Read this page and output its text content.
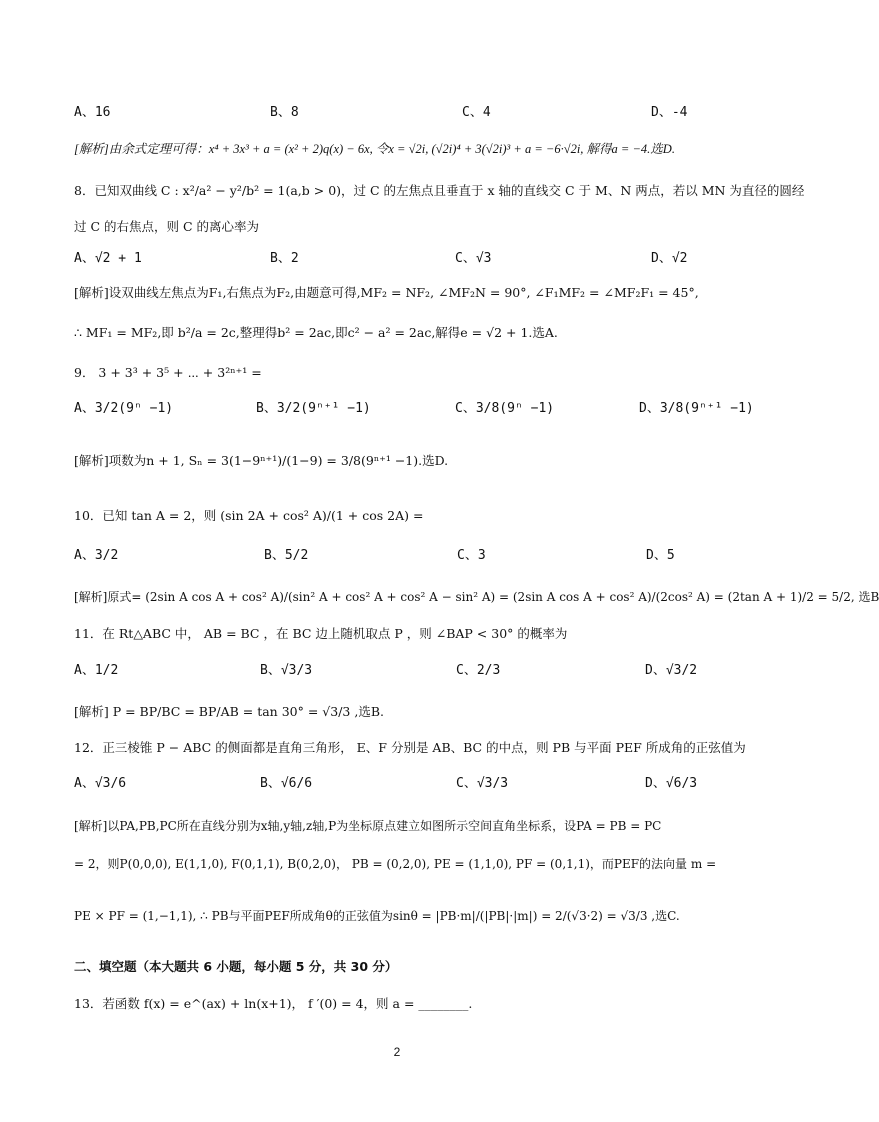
A、16	B、8	C、4	D、-4
[解析]由余式定理可得：x⁴ + 3x³ + a = (x² + 2)q(x) − 6x, 令x = √2i, (√2i)⁴ + 3(√2i)³ + a = −6·√2i, 解得a = −4.选D.
8．已知双曲线 C : x²/a² − y²/b² = 1(a,b > 0)，过 C 的左焦点且垂直于 x 轴的直线交 C 于 M、N 两点，若以 MN 为直径的圆经
过 C 的右焦点，则 C 的离心率为
A、√2 + 1	B、2	C、√3	D、√2
[解析]设双曲线左焦点为F₁,右焦点为F₂,由题意可得,MF₂ = NF₂, ∠MF₂N = 90°, ∠F₁MF₂ = ∠MF₂F₁ = 45°,
∴ MF₁ = MF₂,即 b²/a = 2c,整理得b² = 2ac,即c² − a² = 2ac,解得e = √2 + 1.选A.
9． 3 + 3³ + 3⁵ + ⋯ + 3²ⁿ⁺¹ =
A、3/2(9ⁿ −1)	B、3/2(9ⁿ⁺¹ −1)	C、3/8(9ⁿ −1)	D、3/8(9ⁿ⁺¹ −1)
[解析]项数为n + 1, Sₙ = 3(1−9ⁿ⁺¹)/(1−9) = 3/8(9ⁿ⁺¹ −1).选D.
10．已知 tan A = 2，则 (sin 2A + cos² A)/(1 + cos 2A) =
A、3/2	B、5/2	C、3	D、5
[解析]原式= (2sin A cos A + cos² A)/(sin² A + cos² A + cos² A − sin² A) = (2sin A cos A + cos² A)/(2cos² A) = (2tan A + 1)/2 = 5/2, 选B
11．在 Rt△ABC 中， AB = BC ，在 BC 边上随机取点 P ，则 ∠BAP < 30° 的概率为
A、1/2	B、√3/3	C、2/3	D、√3/2
[解析] P = BP/BC = BP/AB = tan 30° = √3/3 ,选B.
12．正三棱锥 P − ABC 的侧面都是直角三角形， E、F 分别是 AB、BC 的中点，则 PB 与平面 PEF 所成角的正弦值为
A、√3/6	B、√6/6	C、√3/3	D、√6/3
[解析]以PA,PB,PC所在直线分别为x轴,y轴,z轴,P为坐标原点建立如图所示空间直角坐标系，设PA = PB = PC
= 2，则P(0,0,0), E(1,1,0), F(0,1,1), B(0,2,0)， PB = (0,2,0), PE = (1,1,0), PF = (0,1,1)，而PEF的法向量 m =
PE × PF = (1,−1,1), ∴ PB与平面PEF所成角θ的正弦值为sinθ = |PB·m|/(|PB|·|m|) = 2/(√3·2) = √3/3 ,选C.
二、填空题（本大题共 6 小题，每小题 5 分，共 30 分）
13．若函数 f(x) = e^(ax) + ln(x+1)， f ′(0) = 4，则 a = ________.
2
